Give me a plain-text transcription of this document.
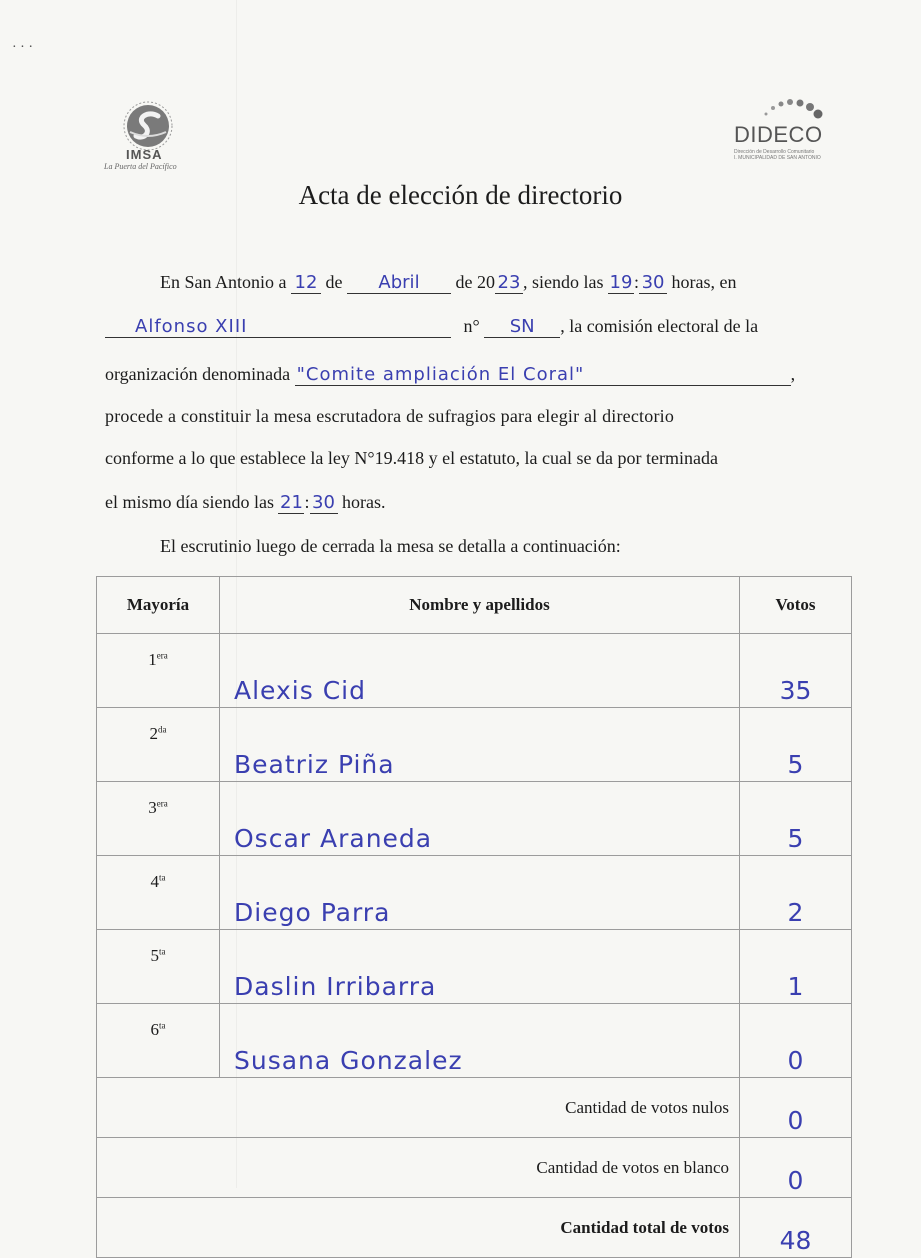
· · ·
IMSA
La Puerta del Pacífico
DIDECO
Dirección de Desarrollo Comunitario
I. MUNICIPALIDAD DE SAN ANTONIO
Acta de elección de directorio
En San Antonio a 12 de Abril de 20 23 , siendo las 19: 30 horas, en
Alfonso XIII	n° SN , la comisión electoral de la
organización denominada "Comite ampliación El Coral"	,
procede a constituir la mesa escrutadora de sufragios para elegir al directorio
conforme a lo que establece la ley N°19.418 y el estatuto, la cual se da por terminada
el mismo día siendo las 21: 30 horas.
El escrutinio luego de cerrada la mesa se detalla a continuación:
Mayoría	Nombre y apellidos	Votos
$1^{era}$	Alexis Cid	35
$2^{da}$	Beatriz Piña	5
$3^{era}$	Oscar Araneda	5
$4^{ta}$	Diego Parra	2
$5^{ta}$	Daslin Irribarra	1
$6^{ta}$	Susana Gonzalez	0
	Cantidad de votos nulos	0
	Cantidad de votos en blanco	0
	Cantidad total de votos	48
